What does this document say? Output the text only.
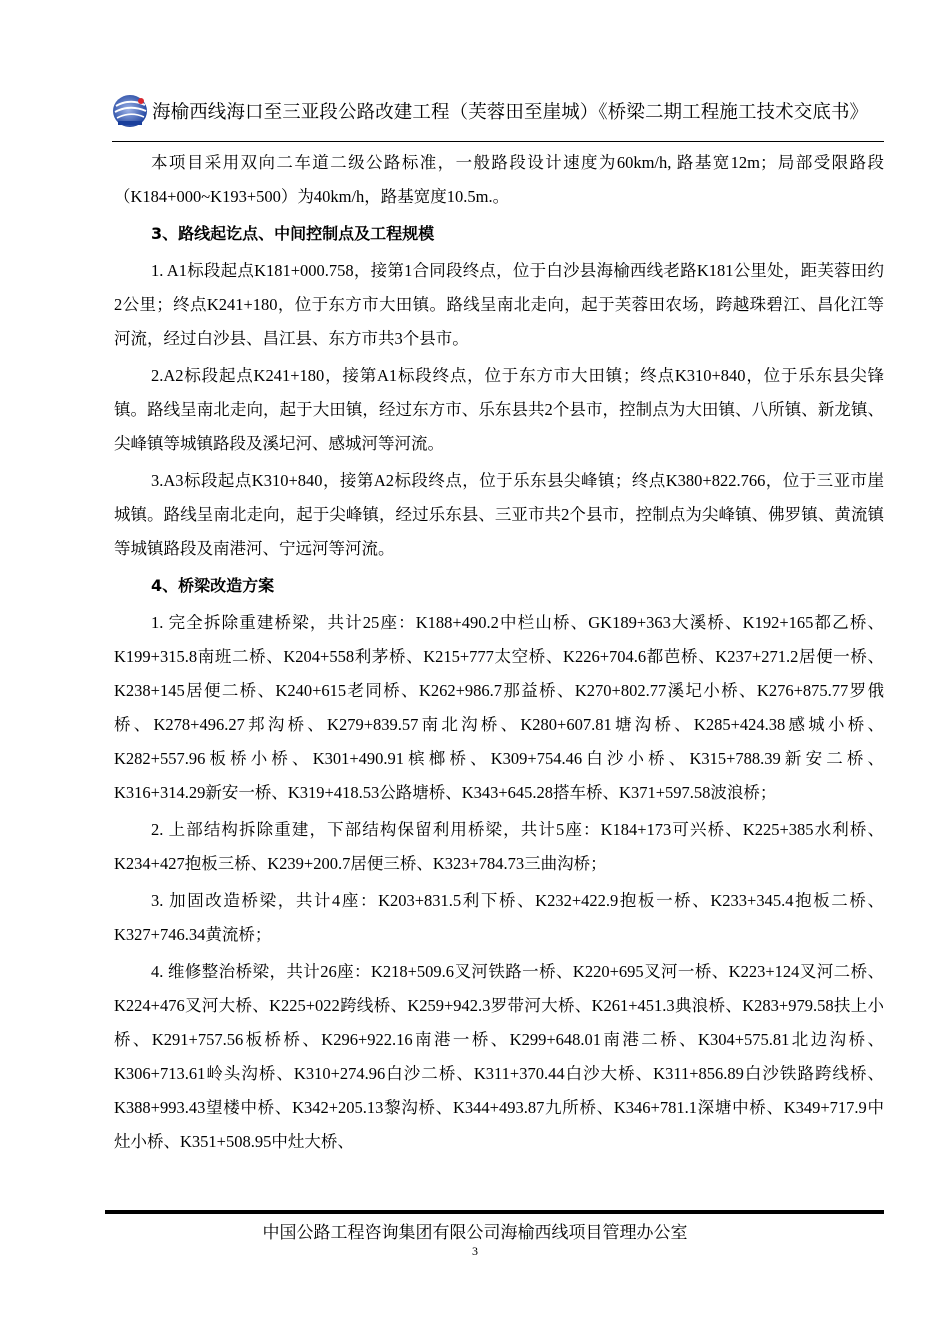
海榆西线海口至三亚段公路改建工程（芙蓉田至崖城）《桥梁二期工程施工技术交底书》

本项目采用双向二车道二级公路标准，一般路段设计速度为60km/h, 路基宽12m；局部受限路段（K184+000~K193+500）为40km/h，路基宽度10.5m.。

3、路线起讫点、中间控制点及工程规模

1. A1标段起点K181+000.758，接第1合同段终点，位于白沙县海榆西线老路K181公里处，距芙蓉田约2公里；终点K241+180，位于东方市大田镇。路线呈南北走向，起于芙蓉田农场，跨越珠碧江、昌化江等河流，经过白沙县、昌江县、东方市共3个县市。

2.A2标段起点K241+180，接第A1标段终点，位于东方市大田镇；终点K310+840，位于乐东县尖锋镇。路线呈南北走向，起于大田镇，经过东方市、乐东县共2个县市，控制点为大田镇、八所镇、新龙镇、尖峰镇等城镇路段及溪圮河、感城河等河流。

3.A3标段起点K310+840，接第A2标段终点，位于乐东县尖峰镇；终点K380+822.766，位于三亚市崖城镇。路线呈南北走向，起于尖峰镇，经过乐东县、三亚市共2个县市，控制点为尖峰镇、佛罗镇、黄流镇等城镇路段及南港河、宁远河等河流。

4、桥梁改造方案

1. 完全拆除重建桥梁，共计25座：K188+490.2中栏山桥、GK189+363大溪桥、K192+165都乙桥、K199+315.8南班二桥、K204+558利茅桥、K215+777太空桥、K226+704.6都芭桥、K237+271.2居便一桥、K238+145居便二桥、K240+615老同桥、K262+986.7那益桥、K270+802.77溪圮小桥、K276+875.77罗俄桥、K278+496.27邦沟桥、K279+839.57南北沟桥、K280+607.81塘沟桥、K285+424.38感城小桥、K282+557.96板桥小桥、K301+490.91槟榔桥、K309+754.46白沙小桥、K315+788.39新安二桥、K316+314.29新安一桥、K319+418.53公路塘桥、K343+645.28搭车桥、K371+597.58波浪桥；

2. 上部结构拆除重建，下部结构保留利用桥梁，共计5座：K184+173可兴桥、K225+385水利桥、K234+427抱板三桥、K239+200.7居便三桥、K323+784.73三曲沟桥；

3. 加固改造桥梁，共计4座：K203+831.5利下桥、K232+422.9抱板一桥、K233+345.4抱板二桥、K327+746.34黄流桥；

4. 维修整治桥梁，共计26座：K218+509.6叉河铁路一桥、K220+695叉河一桥、K223+124叉河二桥、K224+476叉河大桥、K225+022跨线桥、K259+942.3罗带河大桥、K261+451.3典浪桥、K283+979.58扶上小桥、K291+757.56板桥桥、K296+922.16南港一桥、K299+648.01南港二桥、K304+575.81北边沟桥、K306+713.61岭头沟桥、K310+274.96白沙二桥、K311+370.44白沙大桥、K311+856.89白沙铁路跨线桥、K388+993.43望楼中桥、K342+205.13黎沟桥、K344+493.87九所桥、K346+781.1深塘中桥、K349+717.9中灶小桥、K351+508.95中灶大桥、

中国公路工程咨询集团有限公司海榆西线项目管理办公室
3
